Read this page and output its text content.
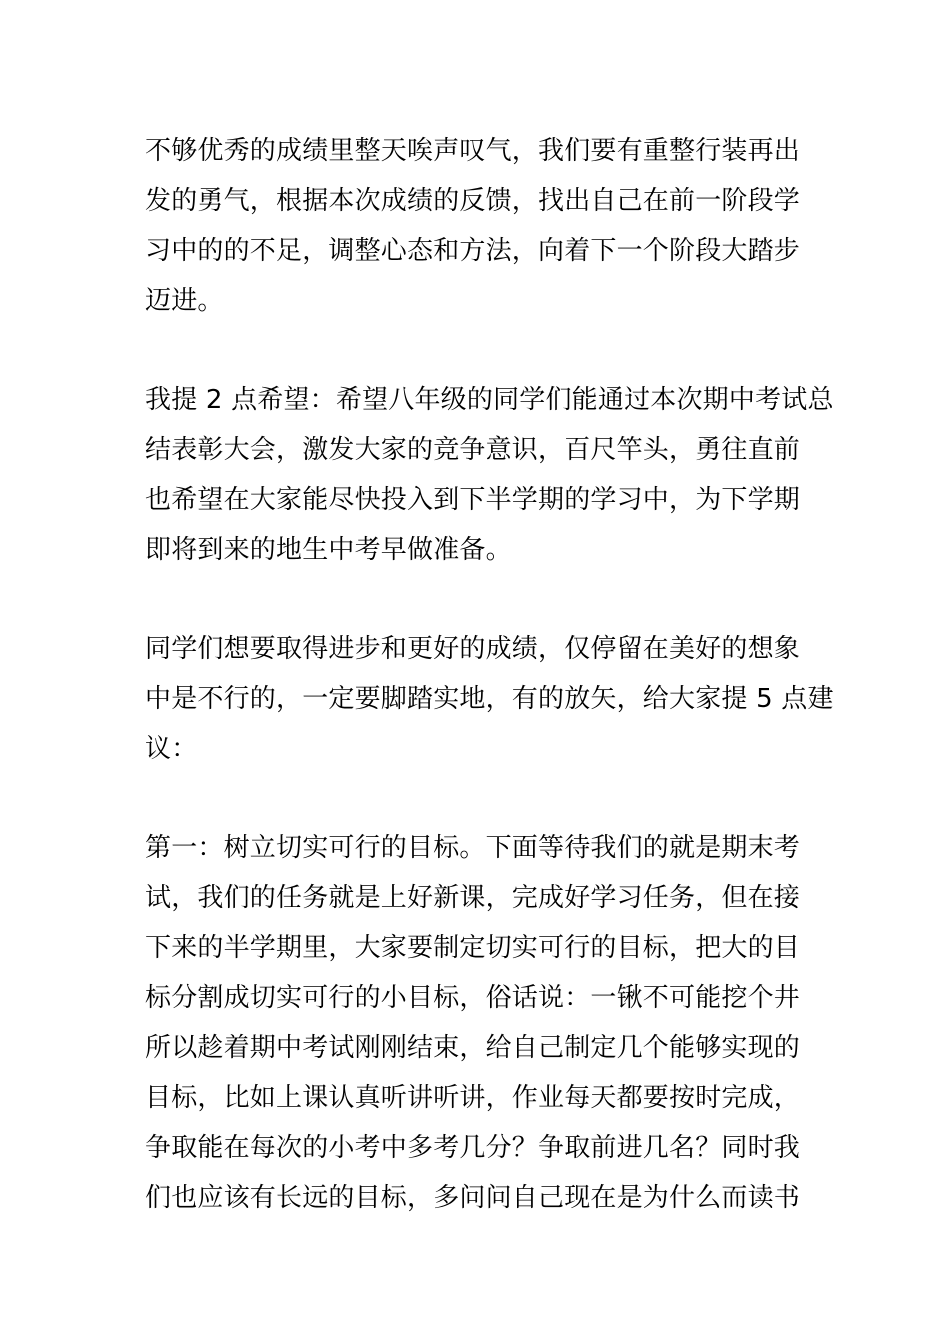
不够优秀的成绩里整天唉声叹气，我们要有重整行装再出
发的勇气，根据本次成绩的反馈，找出自己在前一阶段学
习中的的不足，调整心态和方法，向着下一个阶段大踏步
迈进。
我提 2 点希望：希望八年级的同学们能通过本次期中考试总
结表彰大会，激发大家的竞争意识，百尺竿头，勇往直前
也希望在大家能尽快投入到下半学期的学习中，为下学期
即将到来的地生中考早做准备。
同学们想要取得进步和更好的成绩，仅停留在美好的想象
中是不行的，一定要脚踏实地，有的放矢，给大家提 5 点建
议：
第一：树立切实可行的目标。下面等待我们的就是期末考
试，我们的任务就是上好新课，完成好学习任务，但在接
下来的半学期里，大家要制定切实可行的目标，把大的目
标分割成切实可行的小目标，俗话说：一锹不可能挖个井
所以趁着期中考试刚刚结束，给自己制定几个能够实现的
目标，比如上课认真听讲听讲，作业每天都要按时完成，
争取能在每次的小考中多考几分？争取前进几名？同时我
们也应该有长远的目标，多问问自己现在是为什么而读书
